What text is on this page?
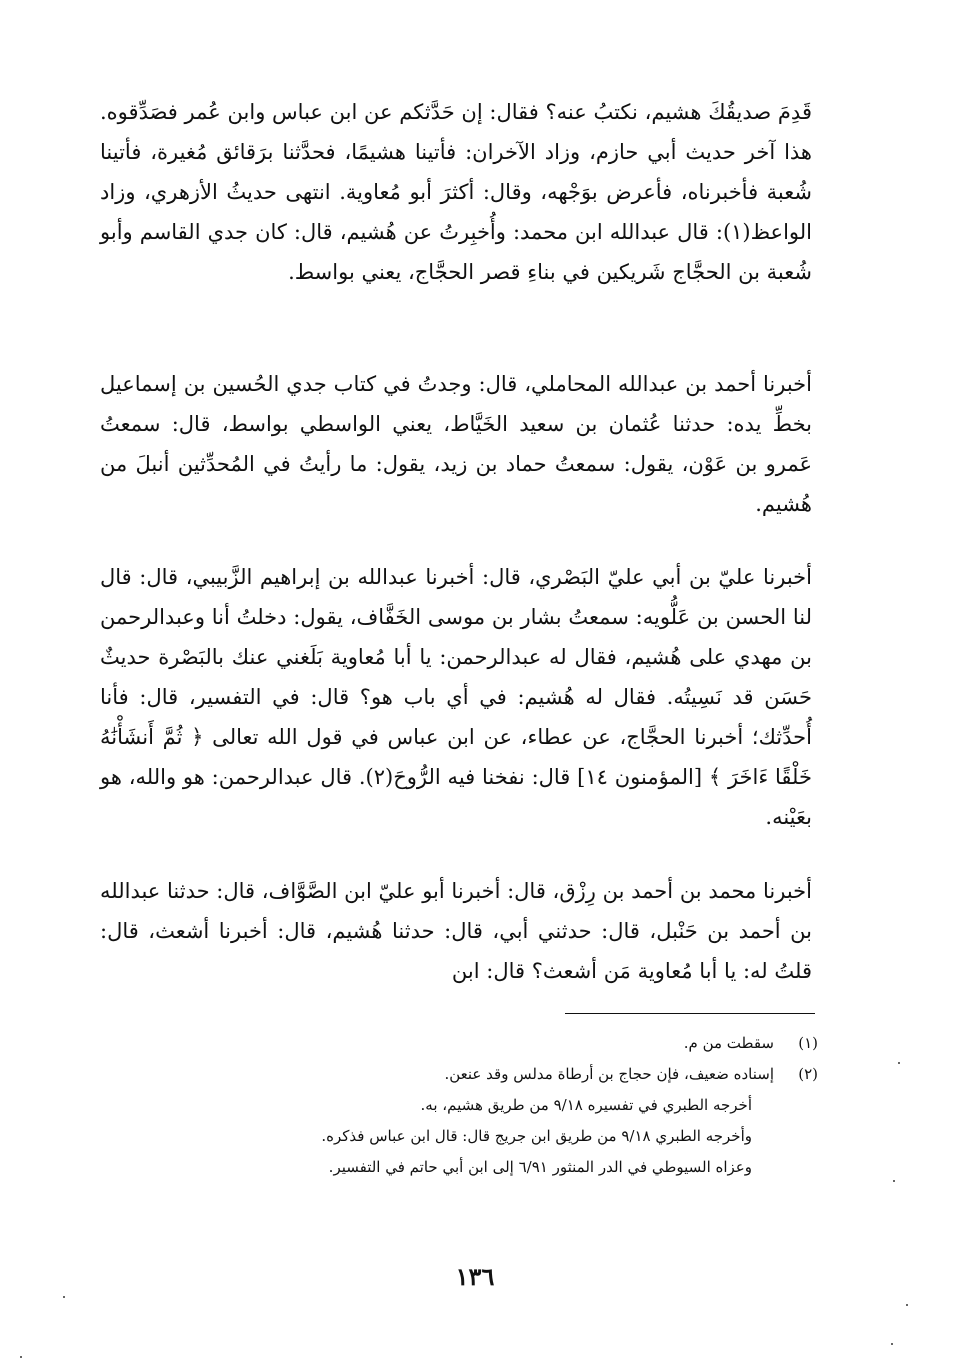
قَدِمَ صديقُكَ هشيم، نكتبُ عنه؟ فقال: إن حَدَّثكم عن ابن عباس وابن عُمر فصَدِّقوه. هذا آخر حديث أبي حازم، وزاد الآخران: فأتينا هشيمًا، فحدَّثنا برَقائق مُغيرة، فأتينا شُعبة فأخبرناه، فأعرض بوَجْهه، وقال: أكثرَ أبو مُعاوية. انتهى حديثُ الأزهري، وزاد الواعظ(١): قال عبدالله ابن محمد: وأُخبِرتُ عن هُشيم، قال: كان جدي القاسم وأبو شُعبة بن الحجَّاج شَريكين في بناءِ قصر الحجَّاج، يعني بواسط.
أخبرنا أحمد بن عبدالله المحاملي، قال: وجدتُ في كتاب جدي الحُسين بن إسماعيل بخطِّ يده: حدثنا عُثمان بن سعيد الخَيَّاط، يعني الواسطي بواسط، قال: سمعتُ عَمرو بن عَوْن، يقول: سمعتُ حماد بن زيد، يقول: ما رأيتُ في المُحدِّثين أنبلَ من هُشيم.
أخبرنا عليّ بن أبي عليّ البَصْري، قال: أخبرنا عبدالله بن إبراهيم الزَّبيبي، قال: قال لنا الحسن بن عَلُّويه: سمعتُ بشار بن موسى الخَفَّاف، يقول: دخلتُ أنا وعبدالرحمن بن مهدي على هُشيم، فقال له عبدالرحمن: يا أبا مُعاوية بَلَغني عنك بالبَصْرة حديثٌ حَسَن قد نَسِيتُه. فقال له هُشيم: في أي باب هو؟ قال: في التفسير، قال: فأنا أُحدِّثك؛ أخبرنا الحجَّاج، عن عطاء، عن ابن عباس في قول الله تعالى ﴿ ثُمَّ أَنشَأْنَٰهُ خَلْقًا ءَاخَرَ ﴾ [المؤمنون ١٤] قال: نفخنا فيه الرُّوحَ(٢). قال عبدالرحمن: هو والله، هو بعَيْنه.
أخبرنا محمد بن أحمد بن رِزْق، قال: أخبرنا أبو عليّ ابن الصَّوَّاف، قال: حدثنا عبدالله بن أحمد بن حَنْبل، قال: حدثني أبي، قال: حدثنا هُشيم، قال: أخبرنا أشعث، قال: قلتُ له: يا أبا مُعاوية مَن أشعث؟ قال: ابن
(١)
سقطت من م.
(٢)
إسناده ضعيف، فإن حجاج بن أرطاة مدلس وقد عنعن.
أخرجه الطبري في تفسيره ٩/١٨ من طريق هشيم، به.
وأخرجه الطبري ٩/١٨ من طريق ابن جريج قال: قال ابن عباس فذكره.
وعزاه السيوطي في الدر المنثور ٦/٩١ إلى ابن أبي حاتم في التفسير.
١٣٦
